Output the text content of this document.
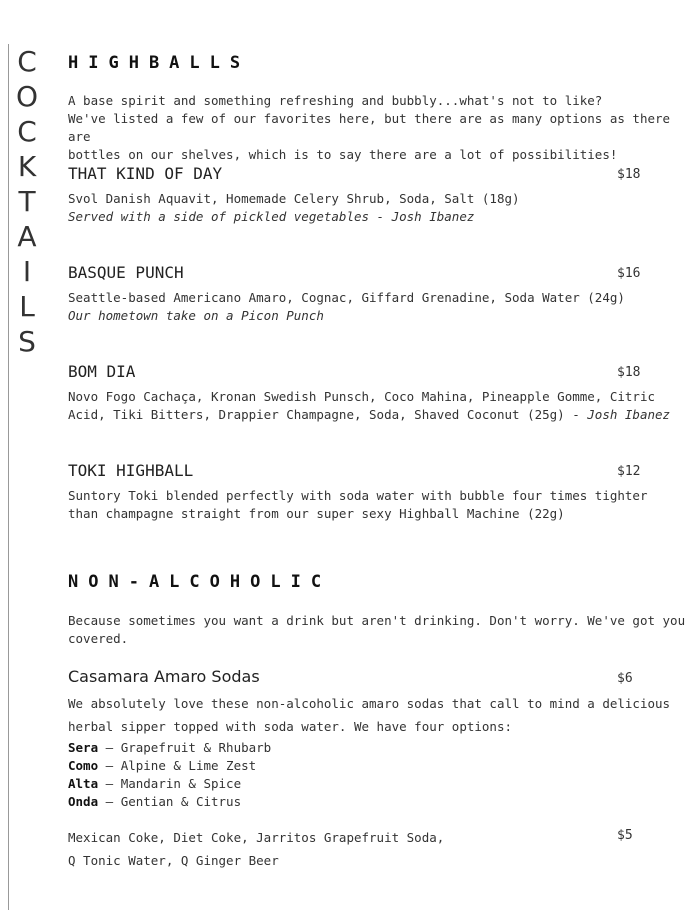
C
O
C
K
T
A
I
L
S
HIGHBALLS
A base spirit and something refreshing and bubbly...what's not to like?
We've listed a few of our favorites here, but there are as many options as there are
bottles on our shelves, which is to say there are a lot of possibilities!
THAT KIND OF DAY	$18
Svol Danish Aquavit, Homemade Celery Shrub, Soda, Salt (18g)
Served with a side of pickled vegetables - Josh Ibanez
BASQUE PUNCH	$16
Seattle-based Americano Amaro, Cognac, Giffard Grenadine, Soda Water (24g)
Our hometown take on a Picon Punch
BOM DIA	$18
Novo Fogo Cachaça, Kronan Swedish Punsch, Coco Mahina, Pineapple Gomme, Citric
Acid, Tiki Bitters, Drappier Champagne, Soda, Shaved Coconut (25g) - Josh Ibanez
TOKI HIGHBALL	$12
Suntory Toki blended perfectly with soda water with bubble four times tighter
than champagne straight from our super sexy Highball Machine (22g)
NON-ALCOHOLIC
Because sometimes you want a drink but aren't drinking. Don't worry. We've got you
covered.
Casamara Amaro Sodas	$6
We absolutely love these non-alcoholic amaro sodas that call to mind a delicious
herbal sipper topped with soda water. We have four options:
Sera – Grapefruit & Rhubarb
Como – Alpine & Lime Zest
Alta – Mandarin & Spice
Onda – Gentian & Citrus
Mexican Coke, Diet Coke, Jarritos Grapefruit Soda,
Q Tonic Water, Q Ginger Beer
$5
